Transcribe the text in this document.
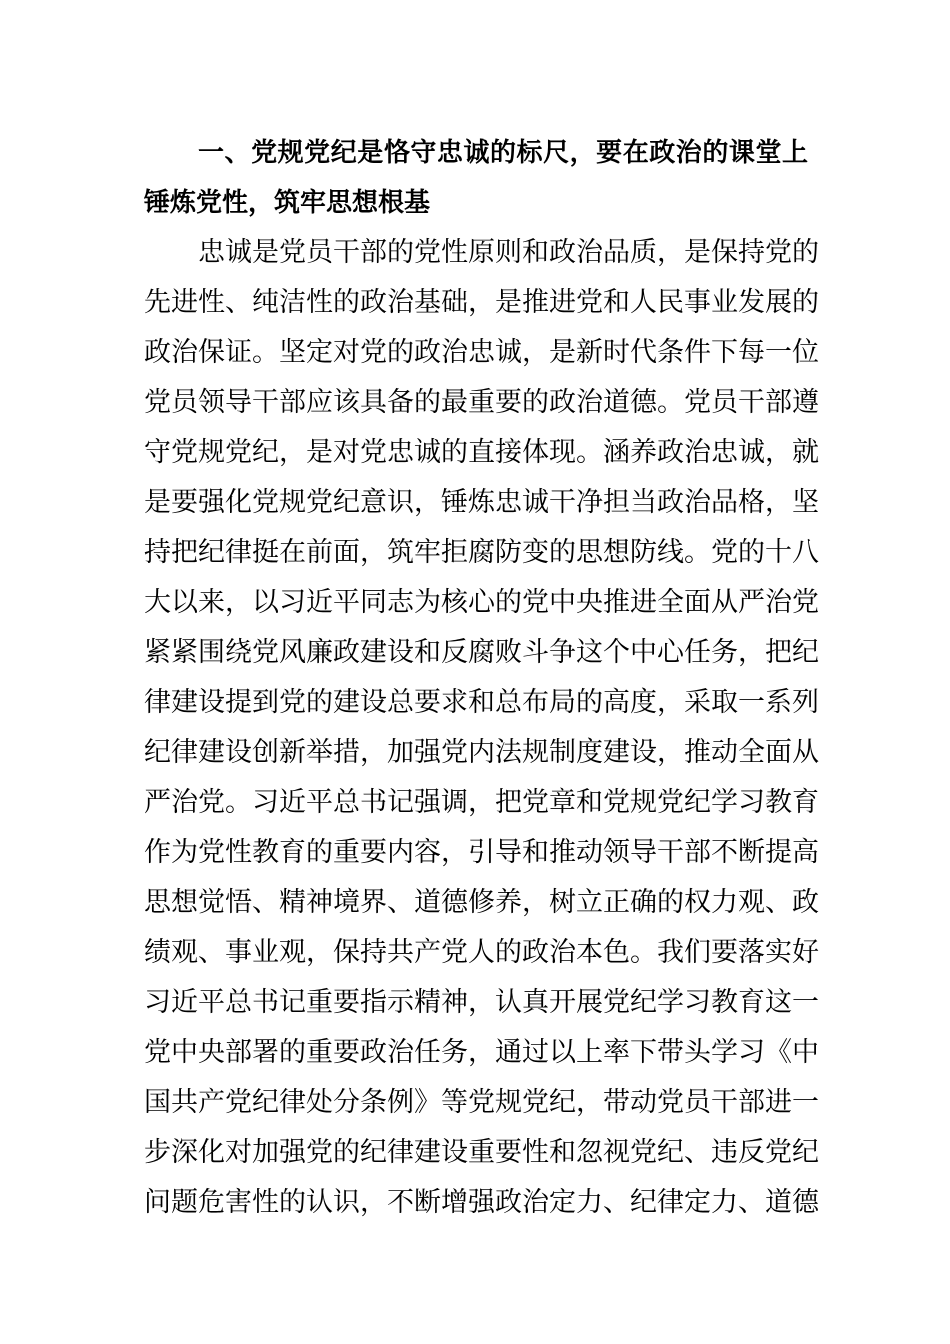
一、党规党纪是恪守忠诚的标尺，要在政治的课堂上
锤炼党性，筑牢思想根基
忠诚是党员干部的党性原则和政治品质，是保持党的
先进性、纯洁性的政治基础，是推进党和人民事业发展的
政治保证。坚定对党的政治忠诚，是新时代条件下每一位
党员领导干部应该具备的最重要的政治道德。党员干部遵
守党规党纪，是对党忠诚的直接体现。涵养政治忠诚，就
是要强化党规党纪意识，锤炼忠诚干净担当政治品格，坚
持把纪律挺在前面，筑牢拒腐防变的思想防线。党的十八
大以来，以习近平同志为核心的党中央推进全面从严治党
紧紧围绕党风廉政建设和反腐败斗争这个中心任务，把纪
律建设提到党的建设总要求和总布局的高度，采取一系列
纪律建设创新举措，加强党内法规制度建设，推动全面从
严治党。习近平总书记强调，把党章和党规党纪学习教育
作为党性教育的重要内容，引导和推动领导干部不断提高
思想觉悟、精神境界、道德修养，树立正确的权力观、政
绩观、事业观，保持共产党人的政治本色。我们要落实好
习近平总书记重要指示精神，认真开展党纪学习教育这一
党中央部署的重要政治任务，通过以上率下带头学习《中
国共产党纪律处分条例》等党规党纪，带动党员干部进一
步深化对加强党的纪律建设重要性和忽视党纪、违反党纪
问题危害性的认识，不断增强政治定力、纪律定力、道德
